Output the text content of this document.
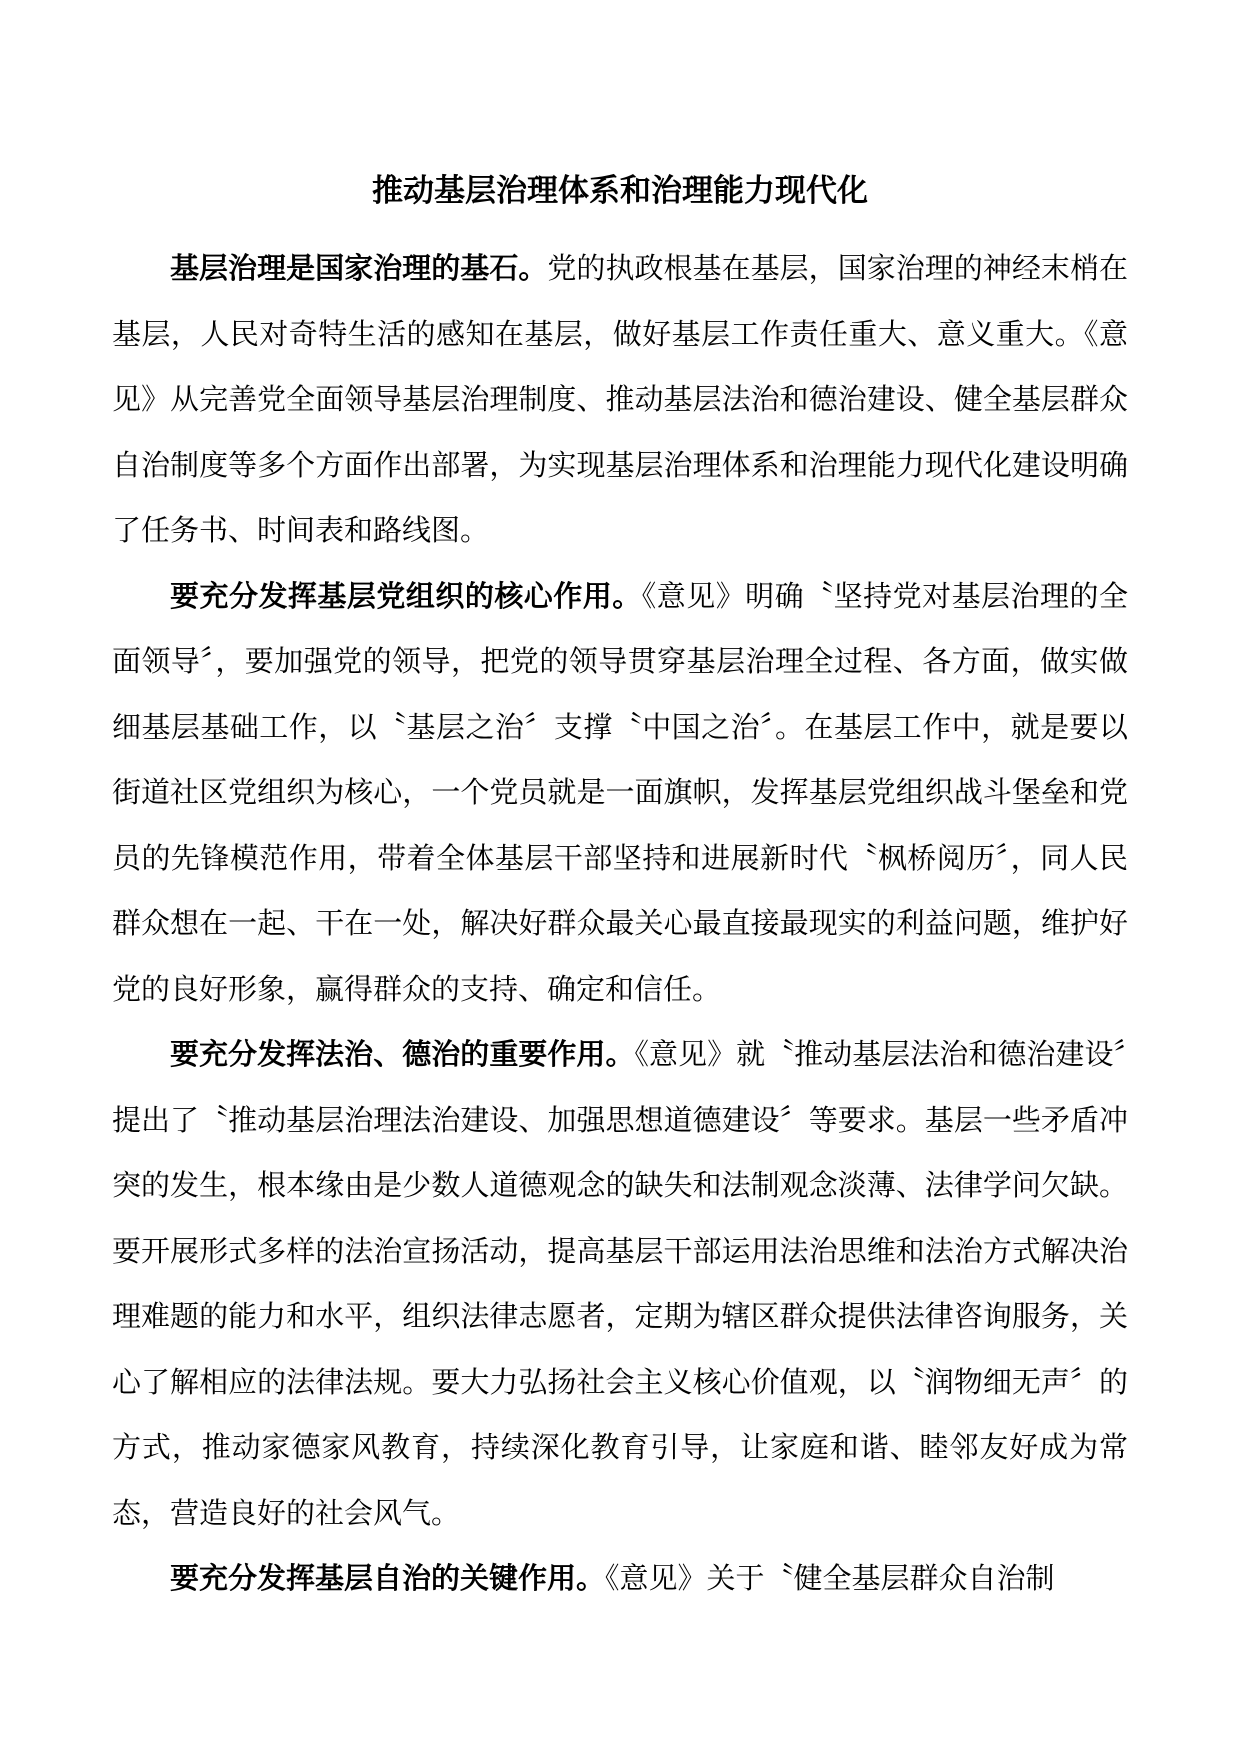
推动基层治理体系和治理能力现代化

基层治理是国家治理的基石。党的执政根基在基层，国家治理的神经末梢在基层，人民对奇特生活的感知在基层，做好基层工作责任重大、意义重大。《意见》从完善党全面领导基层治理制度、推动基层法治和德治建设、健全基层群众自治制度等多个方面作出部署，为实现基层治理体系和治理能力现代化建设明确了任务书、时间表和路线图。

要充分发挥基层党组织的核心作用。《意见》明确〝坚持党对基层治理的全面领导〞，要加强党的领导，把党的领导贯穿基层治理全过程、各方面，做实做细基层基础工作，以〝基层之治〞支撑〝中国之治〞。在基层工作中，就是要以街道社区党组织为核心，一个党员就是一面旗帜，发挥基层党组织战斗堡垒和党员的先锋模范作用，带着全体基层干部坚持和进展新时代〝枫桥阅历〞，同人民群众想在一起、干在一处，解决好群众最关心最直接最现实的利益问题，维护好党的良好形象，赢得群众的支持、确定和信任。

要充分发挥法治、德治的重要作用。《意见》就〝推动基层法治和德治建设〞提出了〝推动基层治理法治建设、加强思想道德建设〞等要求。基层一些矛盾冲突的发生，根本缘由是少数人道德观念的缺失和法制观念淡薄、法律学问欠缺。要开展形式多样的法治宣扬活动，提高基层干部运用法治思维和法治方式解决治理难题的能力和水平，组织法律志愿者，定期为辖区群众提供法律咨询服务，关心了解相应的法律法规。要大力弘扬社会主义核心价值观，以〝润物细无声〞的方式，推动家德家风教育，持续深化教育引导，让家庭和谐、睦邻友好成为常态，营造良好的社会风气。

要充分发挥基层自治的关键作用。《意见》关于〝健全基层群众自治制
